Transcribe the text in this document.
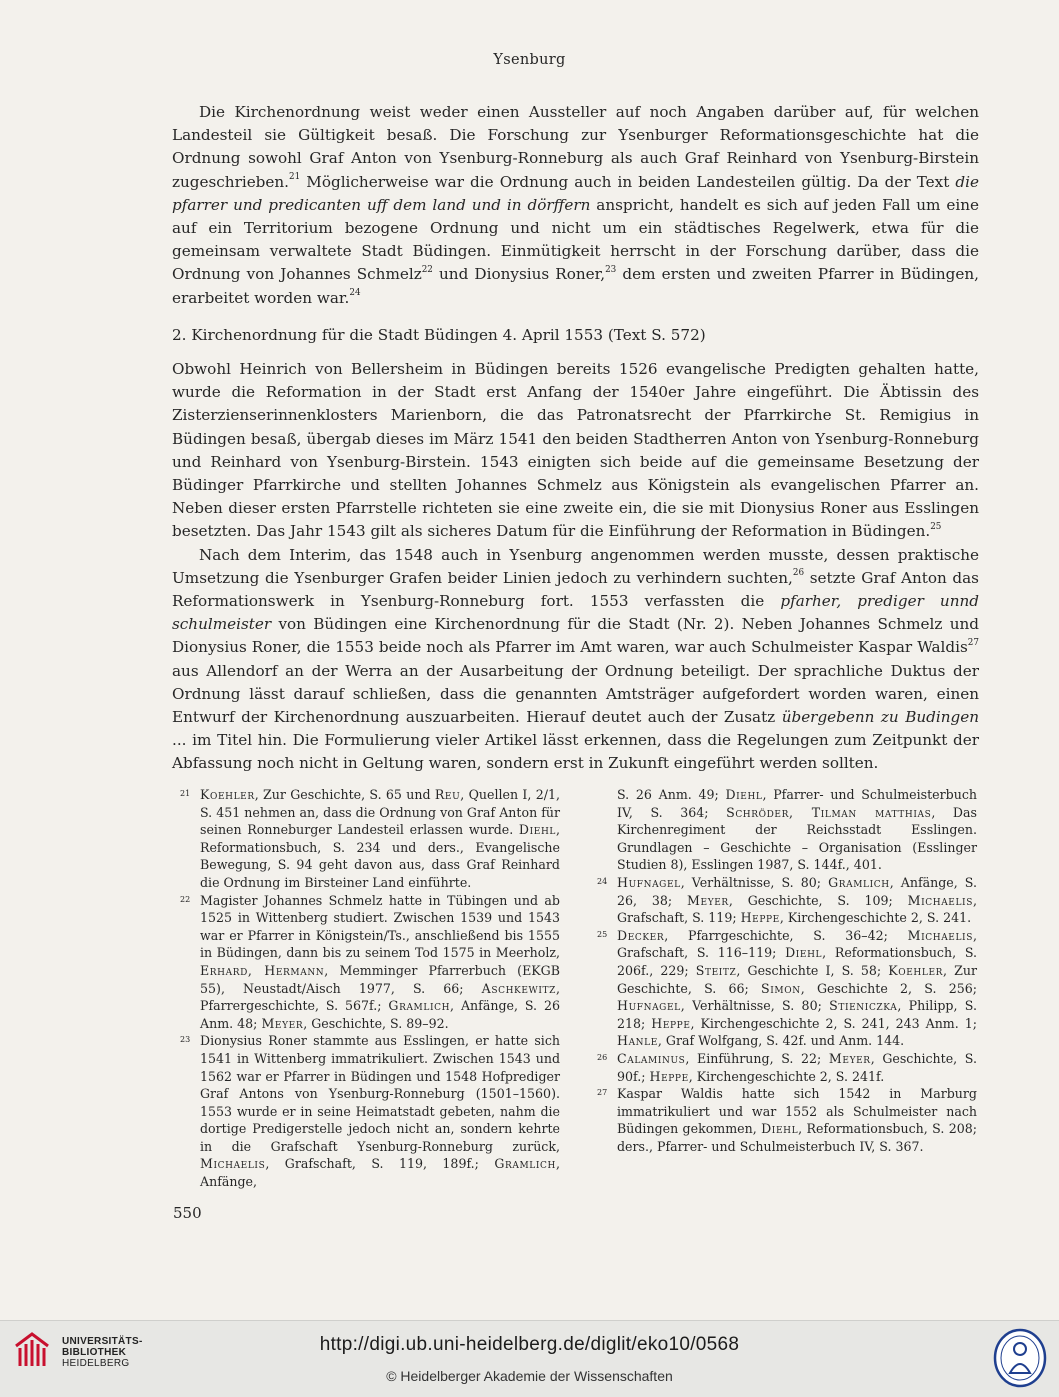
Ysenburg

Die Kirchenordnung weist weder einen Aussteller auf noch Angaben darüber auf, für welchen Landesteil sie Gültigkeit besaß. Die Forschung zur Ysenburger Reformationsgeschichte hat die Ordnung sowohl Graf Anton von Ysenburg-Ronneburg als auch Graf Reinhard von Ysenburg-Birstein zugeschrieben.$^{21}$ Möglicherweise war die Ordnung auch in beiden Landesteilen gültig. Da der Text die pfarrer und predicanten uff dem land und in dörffern anspricht, handelt es sich auf jeden Fall um eine auf ein Territorium bezogene Ordnung und nicht um ein städtisches Regelwerk, etwa für die gemeinsam verwaltete Stadt Büdingen. Einmütigkeit herrscht in der Forschung darüber, dass die Ordnung von Johannes Schmelz$^{22}$ und Dionysius Roner,$^{23}$ dem ersten und zweiten Pfarrer in Büdingen, erarbeitet worden war.$^{24}$

2. Kirchenordnung für die Stadt Büdingen 4. April 1553 (Text S. 572)

Obwohl Heinrich von Bellersheim in Büdingen bereits 1526 evangelische Predigten gehalten hatte, wurde die Reformation in der Stadt erst Anfang der 1540er Jahre eingeführt. Die Äbtissin des Zisterzienserinnenklosters Marienborn, die das Patronatsrecht der Pfarrkirche St. Remigius in Büdingen besaß, übergab dieses im März 1541 den beiden Stadtherren Anton von Ysenburg-Ronneburg und Reinhard von Ysenburg-Birstein. 1543 einigten sich beide auf die gemeinsame Besetzung der Büdinger Pfarrkirche und stellten Johannes Schmelz aus Königstein als evangelischen Pfarrer an. Neben dieser ersten Pfarrstelle richteten sie eine zweite ein, die sie mit Dionysius Roner aus Esslingen besetzten. Das Jahr 1543 gilt als sicheres Datum für die Einführung der Reformation in Büdingen.$^{25}$

Nach dem Interim, das 1548 auch in Ysenburg angenommen werden musste, dessen praktische Umsetzung die Ysenburger Grafen beider Linien jedoch zu verhindern suchten,$^{26}$ setzte Graf Anton das Reformationswerk in Ysenburg-Ronneburg fort. 1553 verfassten die pfarher, prediger unnd schulmeister von Büdingen eine Kirchenordnung für die Stadt (Nr. 2). Neben Johannes Schmelz und Dionysius Roner, die 1553 beide noch als Pfarrer im Amt waren, war auch Schulmeister Kaspar Waldis$^{27}$ aus Allendorf an der Werra an der Ausarbeitung der Ordnung beteiligt. Der sprachliche Duktus der Ordnung lässt darauf schließen, dass die genannten Amtsträger aufgefordert worden waren, einen Entwurf der Kirchenordnung auszuarbeiten. Hierauf deutet auch der Zusatz übergebenn zu Budingen ... im Titel hin. Die Formulierung vieler Artikel lässt erkennen, dass die Regelungen zum Zeitpunkt der Abfassung noch nicht in Geltung waren, sondern erst in Zukunft eingeführt werden sollten.

21 Koehler, Zur Geschichte, S. 65 und Reu, Quellen I, 2/1, S. 451 nehmen an, dass die Ordnung von Graf Anton für seinen Ronneburger Landesteil erlassen wurde. Diehl, Reformationsbuch, S. 234 und ders., Evangelische Bewegung, S. 94 geht davon aus, dass Graf Reinhard die Ordnung im Birsteiner Land einführte.
22 Magister Johannes Schmelz hatte in Tübingen und ab 1525 in Wittenberg studiert. Zwischen 1539 und 1543 war er Pfarrer in Königstein/Ts., anschließend bis 1555 in Büdingen, dann bis zu seinem Tod 1575 in Meerholz, Erhard, Hermann, Memminger Pfarrerbuch (EKGB 55), Neustadt/Aisch 1977, S. 66; Aschkewitz, Pfarrergeschichte, S. 567f.; Gramlich, Anfänge, S. 26 Anm. 48; Meyer, Geschichte, S. 89–92.
23 Dionysius Roner stammte aus Esslingen, er hatte sich 1541 in Wittenberg immatrikuliert. Zwischen 1543 und 1562 war er Pfarrer in Büdingen und 1548 Hofprediger Graf Antons von Ysenburg-Ronneburg (1501–1560). 1553 wurde er in seine Heimatstadt gebeten, nahm die dortige Predigerstelle jedoch nicht an, sondern kehrte in die Grafschaft Ysenburg-Ronneburg zurück, Michaelis, Grafschaft, S. 119, 189f.; Gramlich, Anfänge,
S. 26 Anm. 49; Diehl, Pfarrer- und Schulmeisterbuch IV, S. 364; Schröder, Tilman matthias, Das Kirchenregiment der Reichsstadt Esslingen. Grundlagen – Geschichte – Organisation (Esslinger Studien 8), Esslingen 1987, S. 144f., 401.
24 Hufnagel, Verhältnisse, S. 80; Gramlich, Anfänge, S. 26, 38; Meyer, Geschichte, S. 109; Michaelis, Grafschaft, S. 119; Heppe, Kirchengeschichte 2, S. 241.
25 Decker, Pfarrgeschichte, S. 36–42; Michaelis, Grafschaft, S. 116–119; Diehl, Reformationsbuch, S. 206f., 229; Steitz, Geschichte I, S. 58; Koehler, Zur Geschichte, S. 66; Simon, Geschichte 2, S. 256; Hufnagel, Verhältnisse, S. 80; Stieniczka, Philipp, S. 218; Heppe, Kirchengeschichte 2, S. 241, 243 Anm. 1; Hanle, Graf Wolfgang, S. 42f. und Anm. 144.
26 Calaminus, Einführung, S. 22; Meyer, Geschichte, S. 90f.; Heppe, Kirchengeschichte 2, S. 241f.
27 Kaspar Waldis hatte sich 1542 in Marburg immatrikuliert und war 1552 als Schulmeister nach Büdingen gekommen, Diehl, Reformationsbuch, S. 208; ders., Pfarrer- und Schulmeisterbuch IV, S. 367.
550
UNIVERSITÄTS-
BIBLIOTHEK
HEIDELBERG
http://digi.ub.uni-heidelberg.de/diglit/eko10/0568
© Heidelberger Akademie der Wissenschaften
